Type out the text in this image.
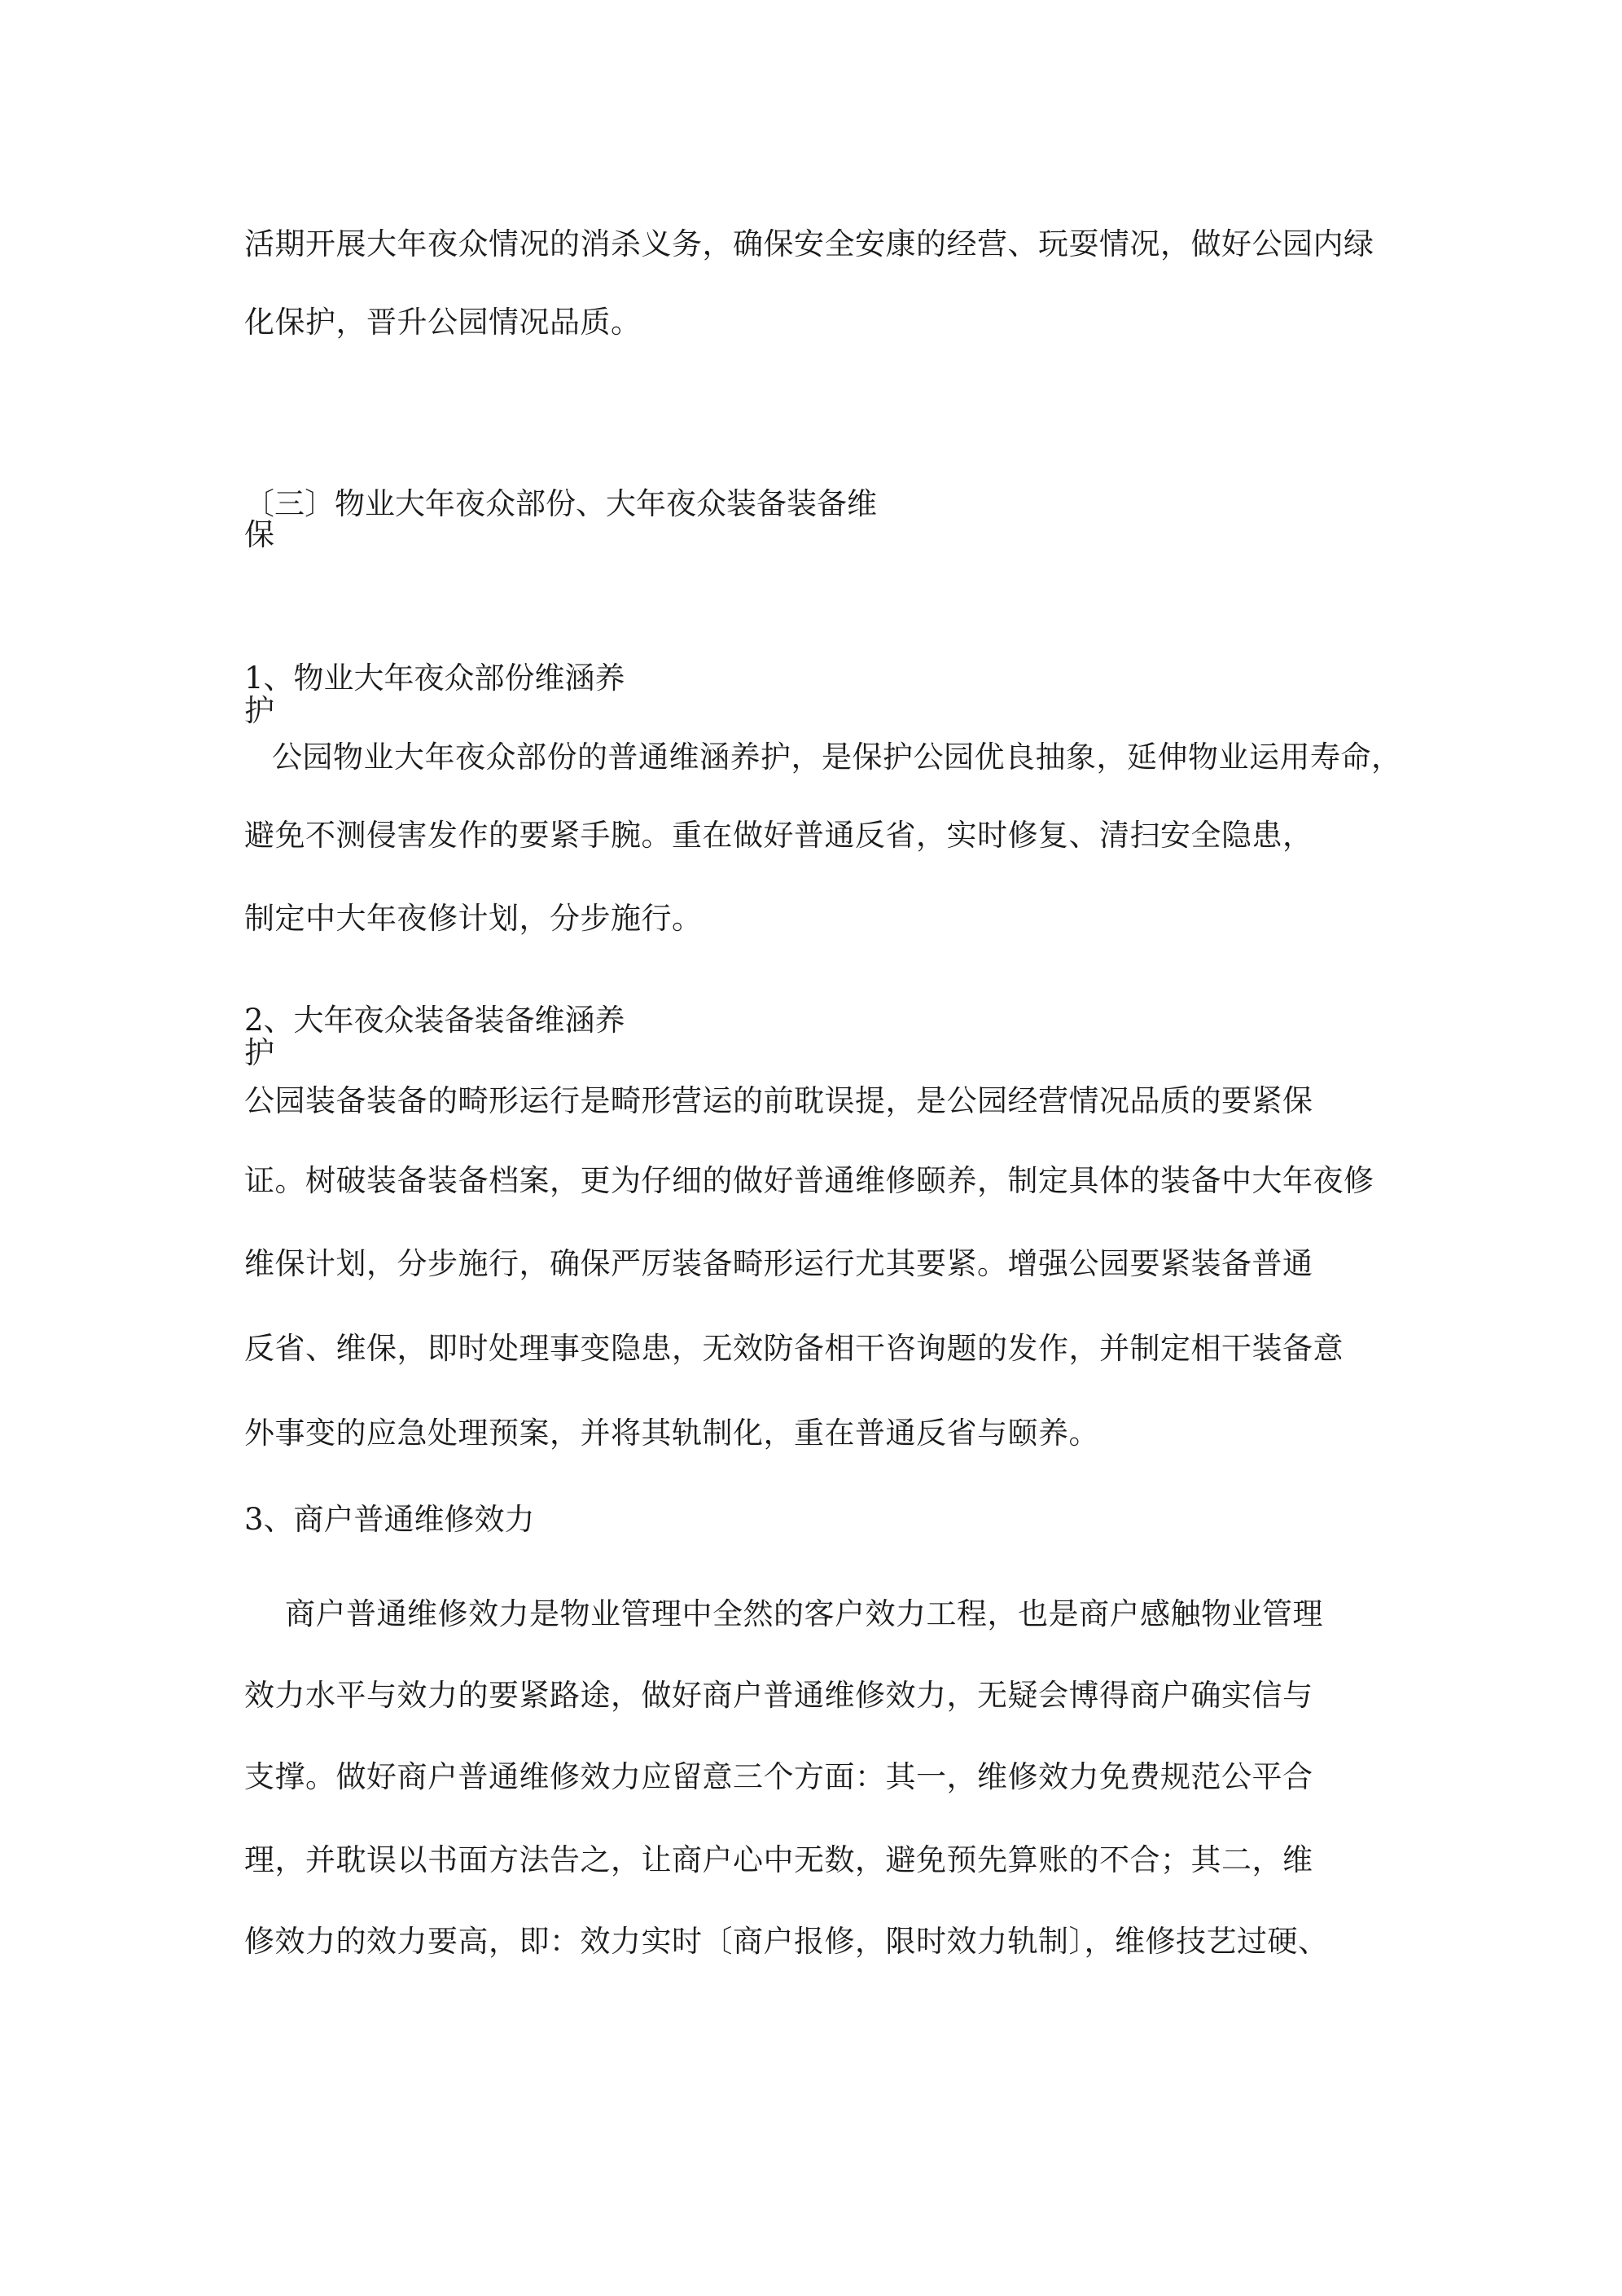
活期开展大年夜众情况的消杀义务，确保安全安康的经营、玩耍情况，做好公园内绿
化保护，晋升公园情况品质。
〔三〕物业大年夜众部份、大年夜众装备装备维
保
1、物业大年夜众部份维涵养
护
公园物业大年夜众部份的普通维涵养护，是保护公园优良抽象，延伸物业运用寿命，
避免不测侵害发作的要紧手腕。重在做好普通反省，实时修复、清扫安全隐患，
制定中大年夜修计划，分步施行。
2、大年夜众装备装备维涵养
护
公园装备装备的畸形运行是畸形营运的前耽误提，是公园经营情况品质的要紧保
证。树破装备装备档案，更为仔细的做好普通维修颐养，制定具体的装备中大年夜修
维保计划，分步施行，确保严厉装备畸形运行尤其要紧。增强公园要紧装备普通
反省、维保，即时处理事变隐患，无效防备相干咨询题的发作，并制定相干装备意
外事变的应急处理预案，并将其轨制化，重在普通反省与颐养。
3、商户普通维修效力
商户普通维修效力是物业管理中全然的客户效力工程，也是商户感触物业管理
效力水平与效力的要紧路途，做好商户普通维修效力，无疑会博得商户确实信与
支撑。做好商户普通维修效力应留意三个方面：其一，维修效力免费规范公平合
理，并耽误以书面方法告之，让商户心中无数，避免预先算账的不合；其二，维
修效力的效力要高，即：效力实时〔商户报修，限时效力轨制〕，维修技艺过硬、
